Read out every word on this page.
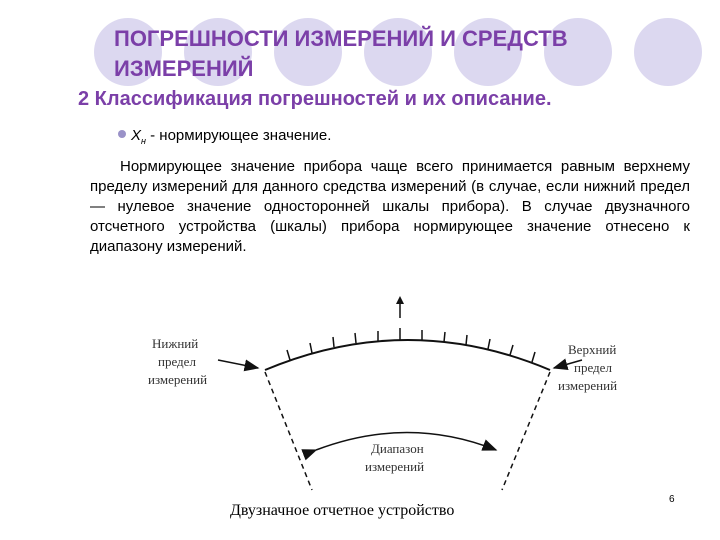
ПОГРЕШНОСТИ ИЗМЕРЕНИЙ И СРЕДСТВ
ИЗМЕРЕНИЙ
2 Классификация погрешностей и их описание.
$X_н$ - нормирующее значение.
Нормирующее значение прибора чаще всего принимается равным верхнему пределу измерений для данного средства измерений (в случае, если нижний предел — нулевое значение односторонней шкалы прибора). В случае двузначного отсчетного устройства (шкалы) прибора нормирующее значение отнесено к диапазону измерений.
Нижний предел измерений
Верхний предел измерений
Диапазон измерений
Двузначное отчетное устройство
6
